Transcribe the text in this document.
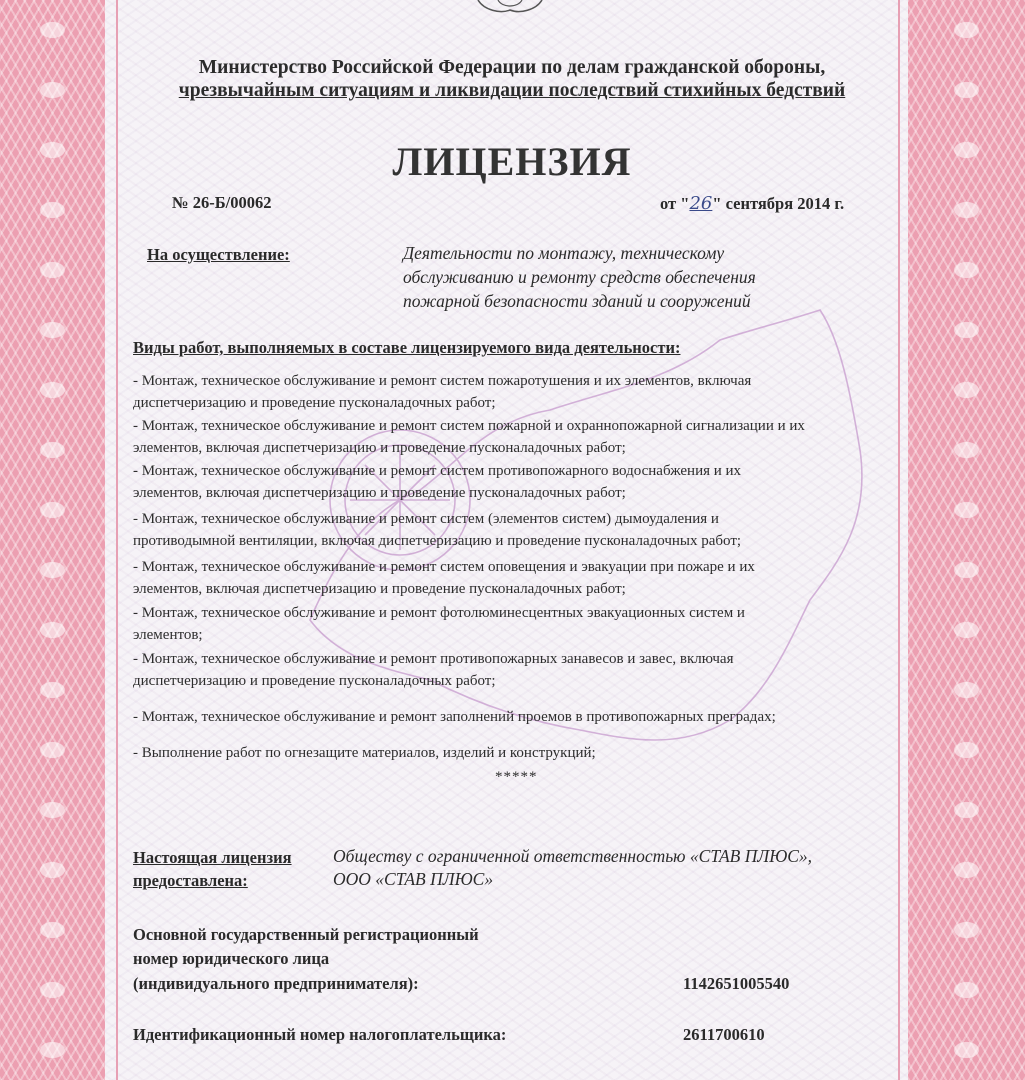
Министерство Российской Федерации по делам гражданской обороны,
чрезвычайным ситуациям и ликвидации последствий стихийных бедствий
ЛИЦЕНЗИЯ
№ 26-Б/00062	от "26" сентября 2014 г.
На осуществление:	Деятельности по монтажу, техническому
обслуживанию и ремонту средств обеспечения
пожарной безопасности зданий и сооружений
Виды работ, выполняемых в составе лицензируемого вида деятельности:
- Монтаж, техническое обслуживание и ремонт систем пожаротушения и их элементов, включая
диспетчеризацию и проведение пусконаладочных работ;
- Монтаж, техническое обслуживание и ремонт систем пожарной и охраннопожарной сигнализации и их
элементов, включая диспетчеризацию и проведение пусконаладочных работ;
- Монтаж, техническое обслуживание и ремонт систем противопожарного водоснабжения и их
элементов, включая диспетчеризацию и проведение пусконаладочных работ;
- Монтаж, техническое обслуживание и ремонт систем (элементов систем) дымоудаления и
противодымной вентиляции, включая диспетчеризацию и проведение пусконаладочных работ;
- Монтаж, техническое обслуживание и ремонт систем оповещения и эвакуации при пожаре и их
элементов, включая диспетчеризацию и проведение пусконаладочных работ;
- Монтаж, техническое обслуживание и ремонт фотолюминесцентных эвакуационных систем и
элементов;
- Монтаж, техническое обслуживание и ремонт противопожарных занавесов и завес, включая
диспетчеризацию и проведение пусконаладочных работ;
- Монтаж, техническое обслуживание и ремонт заполнений проемов в противопожарных преградах;
- Выполнение работ по огнезащите материалов, изделий и конструкций;
*****
Настоящая лицензия
предоставлена:
Обществу с ограниченной ответственностью «СТАВ ПЛЮС»,
ООО «СТАВ ПЛЮС»
Основной государственный регистрационный
номер юридического лица
(индивидуального предпринимателя):	1142651005540
Идентификационный номер налогоплательщика:	2611700610
